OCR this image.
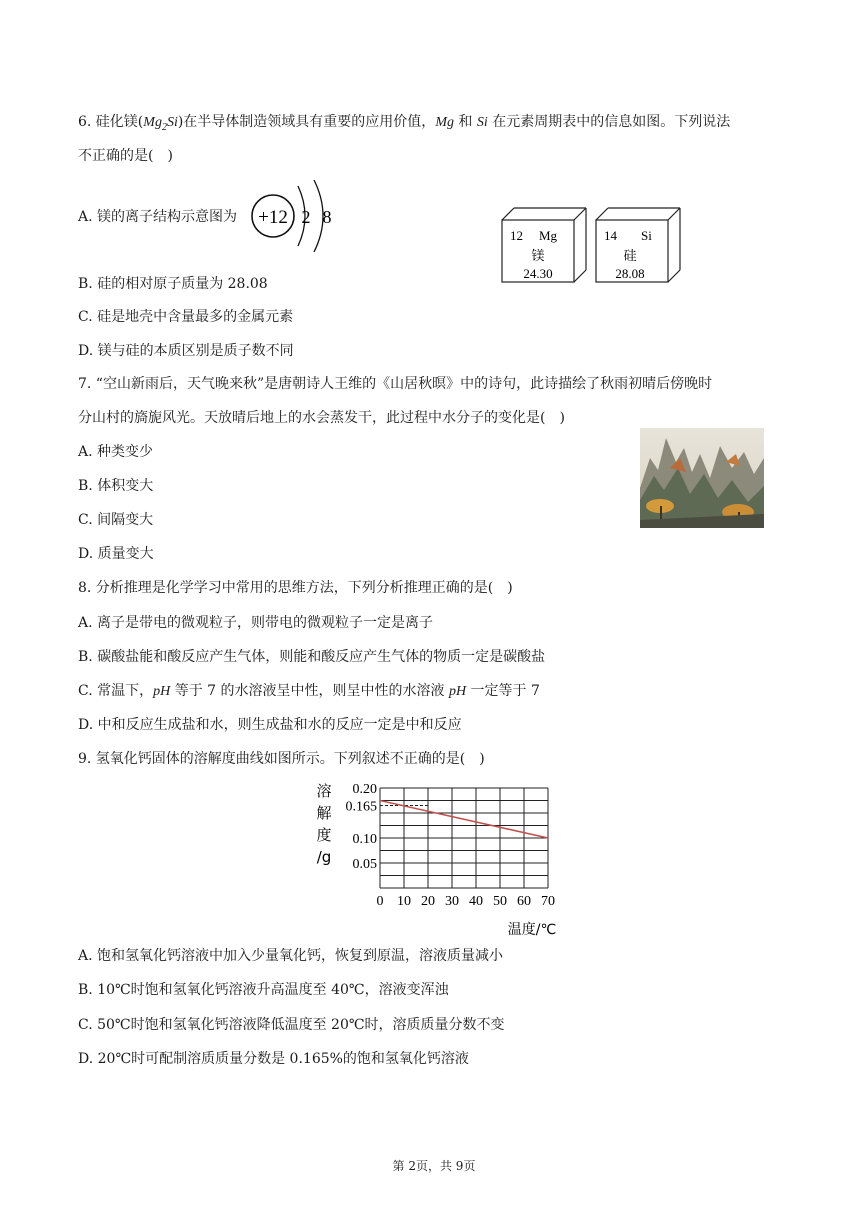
6. 硅化镁$(Mg_2Si)$在半导体制造领域具有重要的应用价值，Mg 和 Si 在元素周期表中的信息如图。下列说法
不正确的是(　)
A. 镁的离子结构示意图为 +12 2 8
12 Mg
镁
24.30
14 Si
硅
28.08
B. 硅的相对原子质量为 28.08
C. 硅是地壳中含量最多的金属元素
D. 镁与硅的本质区别是质子数不同
7. “空山新雨后，天气晚来秋”是唐朝诗人王维的《山居秋暝》中的诗句，此诗描绘了秋雨初晴后傍晚时
分山村的旖旎风光。天放晴后地上的水会蒸发干，此过程中水分子的变化是(　)
A. 种类变少
B. 体积变大
C. 间隔变大
D. 质量变大
8. 分析推理是化学学习中常用的思维方法，下列分析推理正确的是(　)
A. 离子是带电的微观粒子，则带电的微观粒子一定是离子
B. 碳酸盐能和酸反应产生气体，则能和酸反应产生气体的物质一定是碳酸盐
C. 常温下，pH 等于 7 的水溶液呈中性，则呈中性的水溶液 pH 一定等于 7
D. 中和反应生成盐和水，则生成盐和水的反应一定是中和反应
9. 氢氧化钙固体的溶解度曲线如图所示。下列叙述不正确的是(　)
0 10 20 30 40 50 60 70
0.20
0.165
0.10
0.05
溶
解
度
/g
温度/℃
A. 饱和氢氧化钙溶液中加入少量氧化钙，恢复到原温，溶液质量减小
B. 10℃时饱和氢氧化钙溶液升高温度至 40℃，溶液变浑浊
C. 50℃时饱和氢氧化钙溶液降低温度至 20℃时，溶质质量分数不变
D. 20℃时可配制溶质质量分数是 0.165%的饱和氢氧化钙溶液
第 2页，共 9页
